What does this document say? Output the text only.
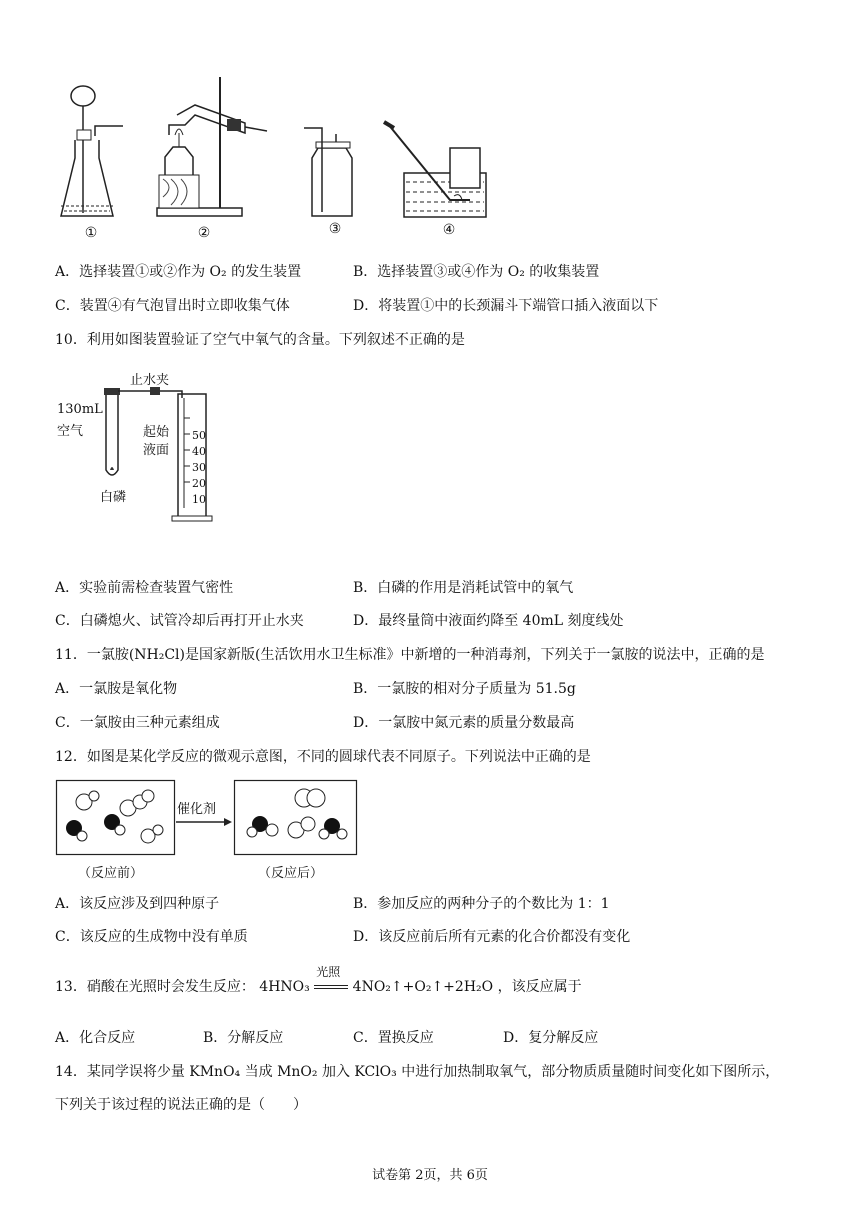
①	②	③	④
A．选择装置①或②作为 O₂ 的发生装置	B．选择装置③或④作为 O₂ 的收集装置
C．装置④有气泡冒出时立即收集气体	D．将装置①中的长颈漏斗下端管口插入液面以下
10．利用如图装置验证了空气中氧气的含量。下列叙述不正确的是
止水夹
130mL
空气	起始
液面
50
40
30
20
10
白磷
A．实验前需检查装置气密性	B．白磷的作用是消耗试管中的氧气
C．白磷熄火、试管冷却后再打开止水夹	D．最终量筒中液面约降至 40mL 刻度线处
11．一氯胺(NH₂Cl)是国家新版(生活饮用水卫生标准》中新增的一种消毒剂，下列关于一氯胺的说法中，正确的是
A．一氯胺是氧化物	B．一氯胺的相对分子质量为 51.5g
C．一氯胺由三种元素组成	D．一氯胺中氮元素的质量分数最高
12．如图是某化学反应的微观示意图，不同的圆球代表不同原子。下列说法中正确的是
催化剂
（反应前）	（反应后）
A．该反应涉及到四种原子	B．参加反应的两种分子的个数比为 1：1
C．该反应的生成物中没有单质	D．该反应前后所有元素的化合价都没有变化
13．硝酸在光照时会发生反应： 4HNO₃
光照
4NO₂↑+O₂↑+2H₂O ，该反应属于
A．化合反应	B．分解反应	C．置换反应	D．复分解反应
14．某同学误将少量 KMnO₄ 当成 MnO₂ 加入 KClO₃ 中进行加热制取氧气，部分物质质量随时间变化如下图所示，
下列关于该过程的说法正确的是（　　）
试卷第 2页，共 6页
